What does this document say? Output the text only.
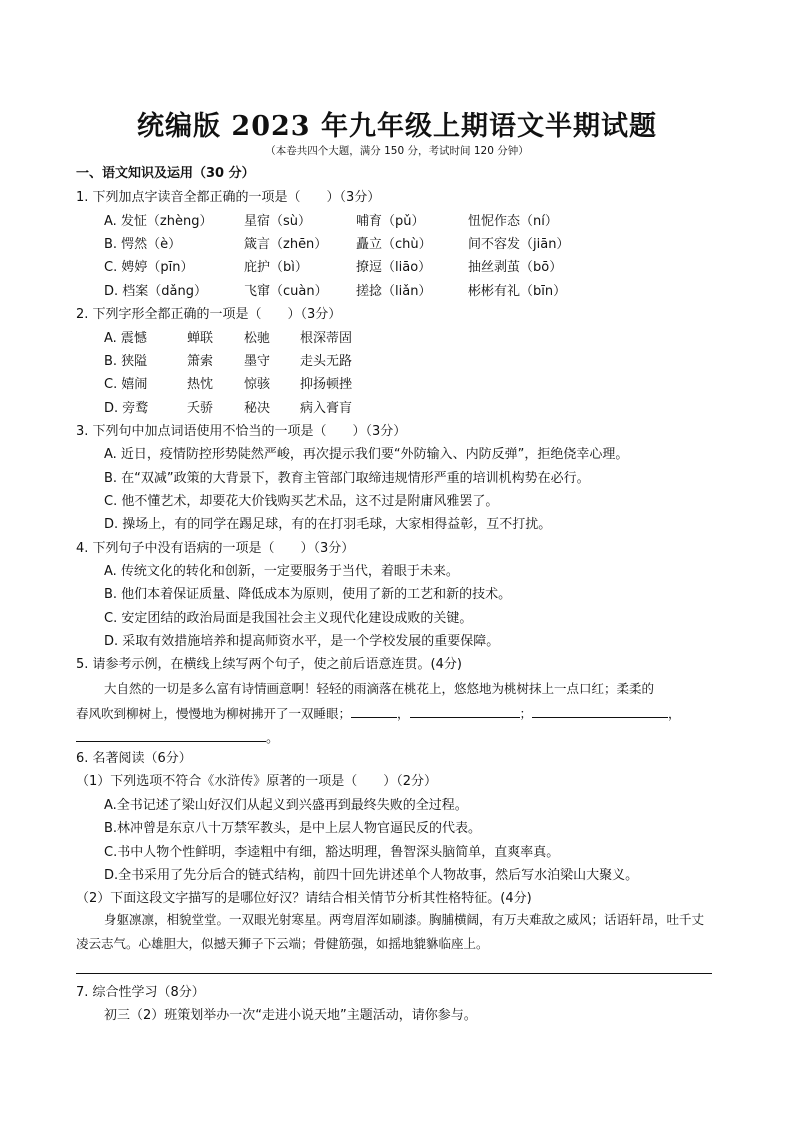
统编版 2023 年九年级上期语文半期试题
（本卷共四个大题，满分 150 分，考试时间 120 分钟）
一、语文知识及运用（30 分）
1. 下列加点字读音全都正确的一项是（　　）（3分）
A. 发怔（zhèng） 星宿（sù）	哺育（pǔ）	忸怩作态（ní）
B. 愕然（è）	箴言（zhēn） 矗立（chù）	间不容发（jiān）
C. 娉婷（pīn）	庇护（bì）	撩逗（liāo）	抽丝剥茧（bō）
D. 档案（dǎng）	飞窜（cuàn） 搓捻（liǎn）	彬彬有礼（bīn）
2. 下列字形全都正确的一项是（　　）（3分）
A. 震憾	蝉联 松驰 根深蒂固
B. 狭隘	箫索 墨守 走头无路
C. 嬉闹	热忱 惊骇 抑扬顿挫
D. 旁鹜	夭骄 秘决 病入膏肓
3. 下列句中加点词语使用不恰当的一项是（　　）（3分）
A. 近日，疫情防控形势陡然严峻，再次提示我们要“外防输入、内防反弹”，拒绝侥幸心理。
B. 在“双减”政策的大背景下，教育主管部门取缔违规情形严重的培训机构势在必行。
C. 他不懂艺术，却要花大价钱购买艺术品，这不过是附庸风雅罢了。
D. 操场上，有的同学在踢足球，有的在打羽毛球，大家相得益彰，互不打扰。
4. 下列句子中没有语病的一项是（　　）（3分）
A. 传统文化的转化和创新，一定要服务于当代，着眼于未来。
B. 他们本着保证质量、降低成本为原则，使用了新的工艺和新的技术。
C. 安定团结的政治局面是我国社会主义现代化建设成败的关键。
D. 采取有效措施培养和提高师资水平，是一个学校发展的重要保障。
5. 请参考示例，在横线上续写两个句子，使之前后语意连贯。(4分)
大自然的一切是多么富有诗情画意啊！轻轻的雨滴落在桃花上，悠悠地为桃树抹上一点口红；柔柔的
春风吹到柳树上，慢慢地为柳树拂开了一双睡眼；	，	；	，
。
6. 名著阅读（6分）
（1）下列选项不符合《水浒传》原著的一项是（　　）（2分）
A.全书记述了梁山好汉们从起义到兴盛再到最终失败的全过程。
B.林冲曾是东京八十万禁军教头，是中上层人物官逼民反的代表。
C.书中人物个性鲜明，李逵粗中有细，豁达明理，鲁智深头脑简单，直爽率真。
D.全书采用了先分后合的链式结构，前四十回先讲述单个人物故事，然后写水泊梁山大聚义。
（2）下面这段文字描写的是哪位好汉？请结合相关情节分析其性格特征。(4分)
身躯凛凛，相貌堂堂。一双眼光射寒星。两弯眉浑如刷漆。胸脯横阔，有万夫难敌之威风；话语轩昂，吐千丈凌云志气。心雄胆大，似撼天狮子下云端；骨健筋强，如摇地貔貅临座上。
7. 综合性学习（8分）
初三（2）班策划举办一次“走进小说天地”主题活动，请你参与。
